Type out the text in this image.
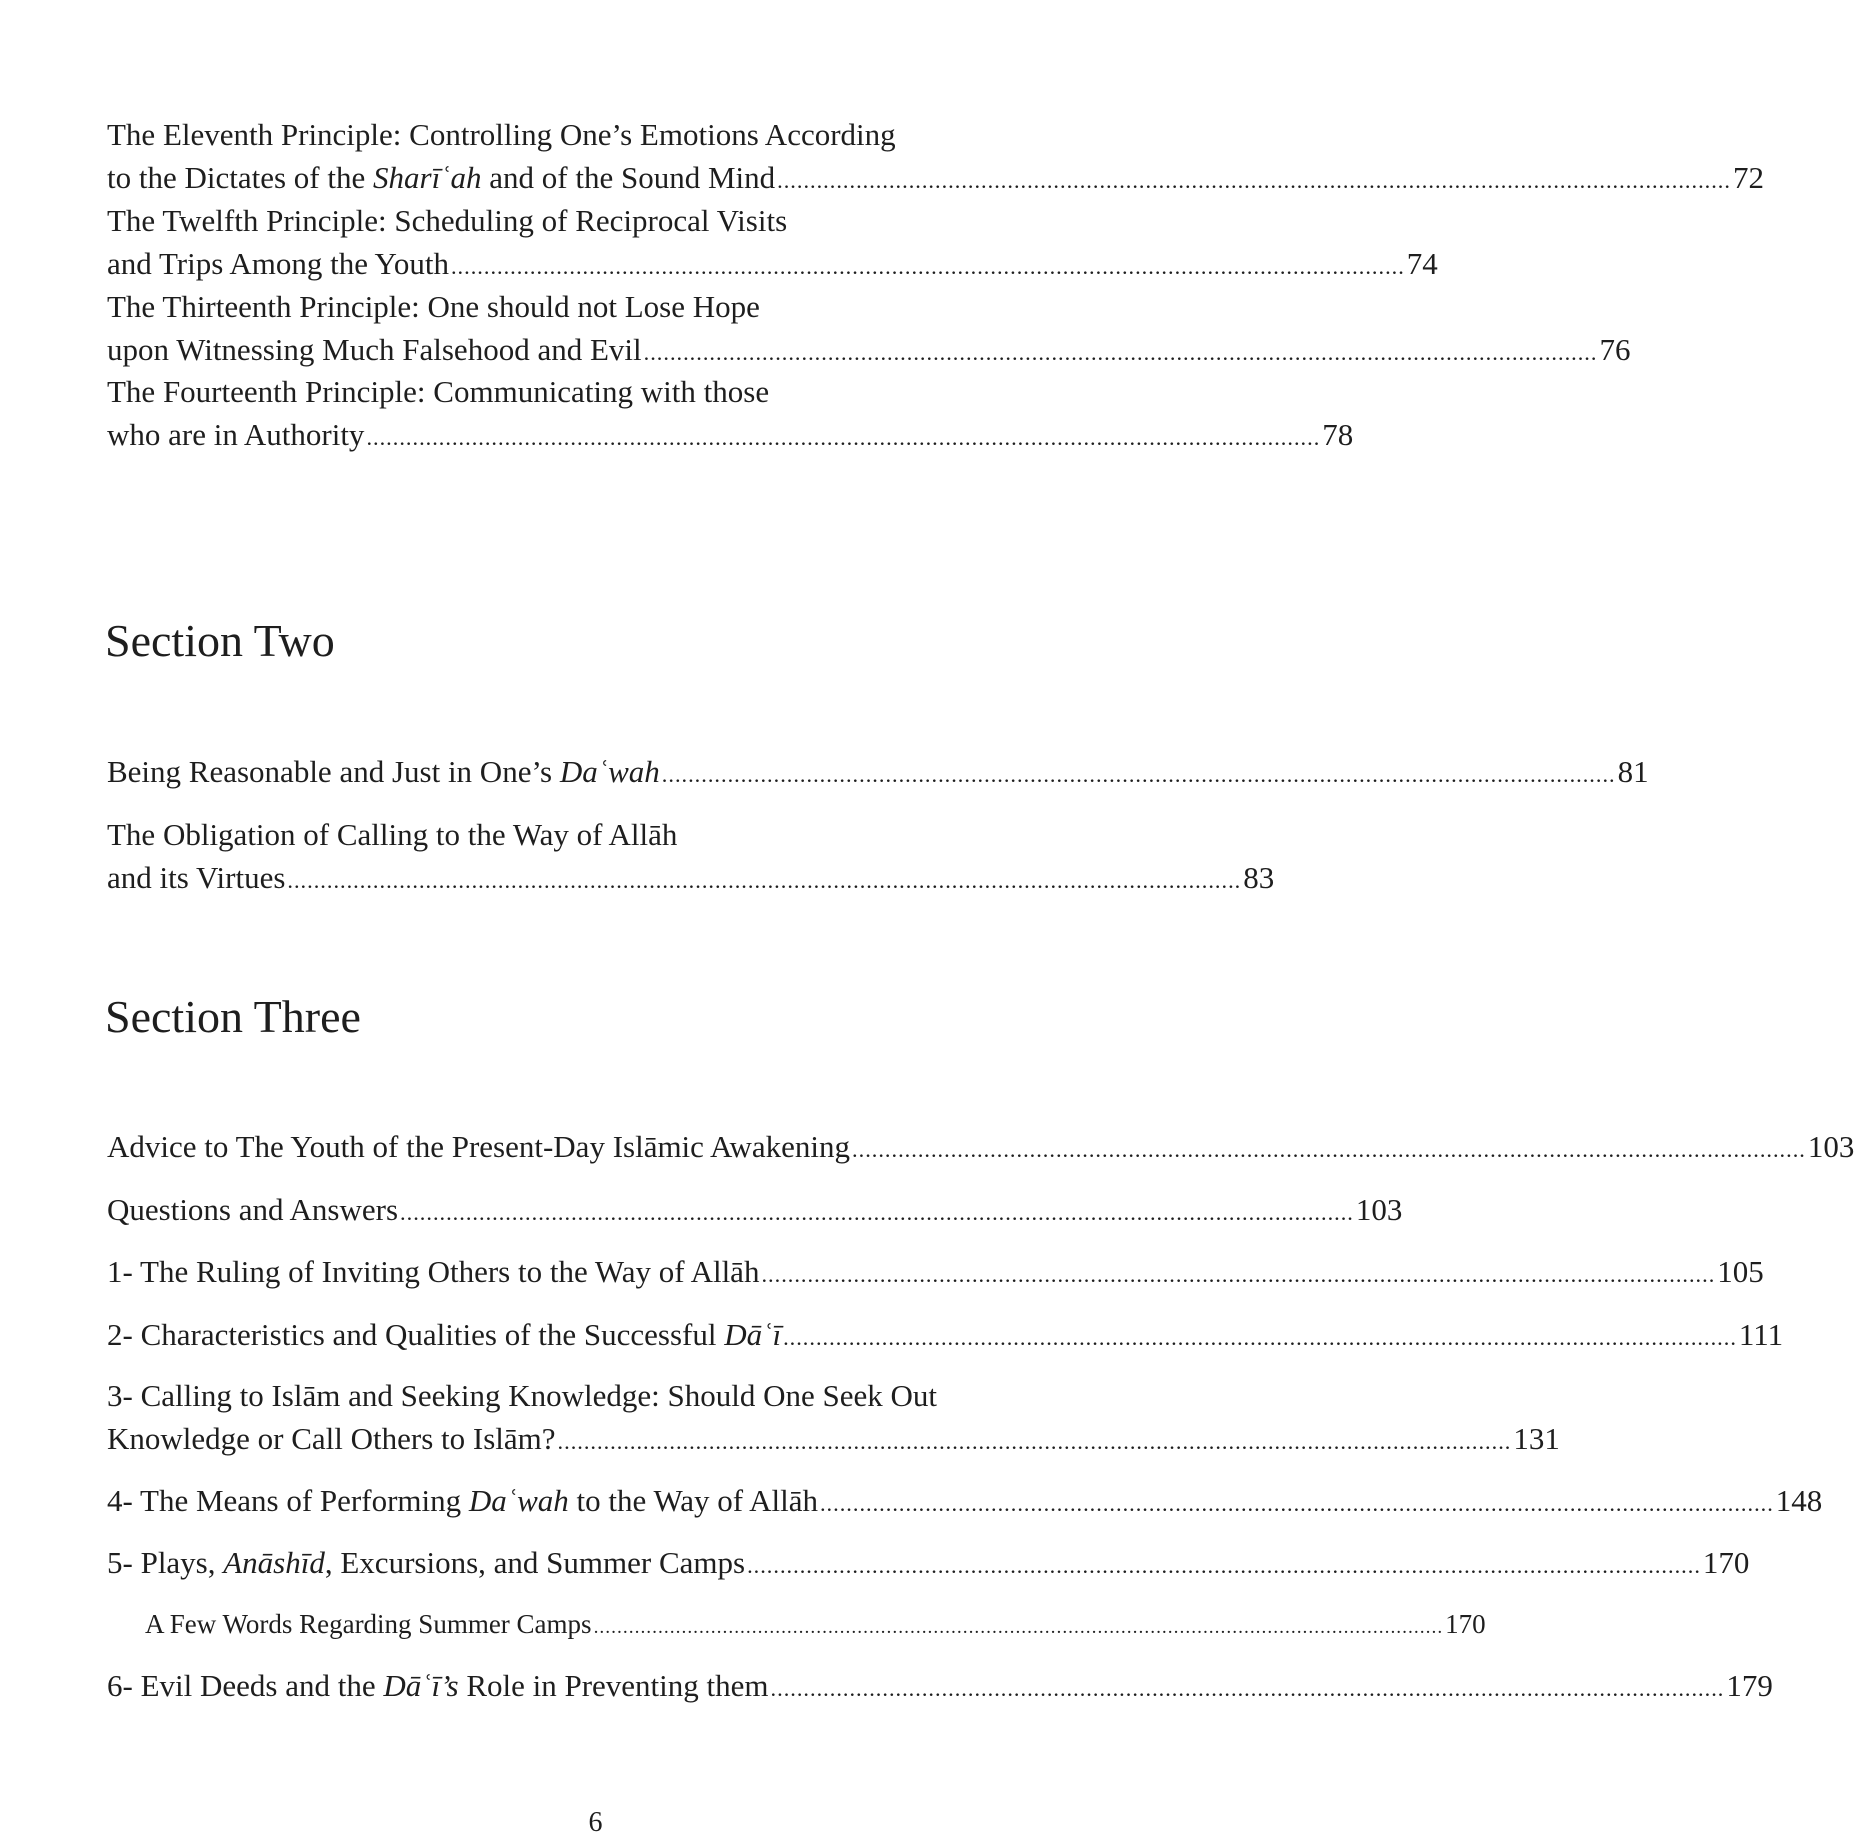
The Eleventh Principle: Controlling One’s Emotions According
to the Dictates of the Sharīʿah and of the Sound Mind ................................................................................................................................................. 72
The Twelfth Principle: Scheduling of Reciprocal Visits
and Trips Among the Youth ................................................................................................................................................. 74
The Thirteenth Principle: One should not Lose Hope
upon Witnessing Much Falsehood and Evil ................................................................................................................................................. 76
The Fourteenth Principle: Communicating with those
who are in Authority ................................................................................................................................................. 78
Section Two
Being Reasonable and Just in One’s Daʿwah ................................................................................................................................................. 81
The Obligation of Calling to the Way of Allāh
and its Virtues ................................................................................................................................................. 83
Section Three
Advice to The Youth of the Present-Day Islāmic Awakening ................................................................................................................................................. 103
Questions and Answers ................................................................................................................................................. 103
1- The Ruling of Inviting Others to the Way of Allāh ................................................................................................................................................. 105
2- Characteristics and Qualities of the Successful Dāʿī ................................................................................................................................................. 111
3- Calling to Islām and Seeking Knowledge: Should One Seek Out
Knowledge or Call Others to Islām? ................................................................................................................................................. 131
4- The Means of Performing Daʿwah to the Way of Allāh ................................................................................................................................................. 148
5- Plays, Anāshīd, Excursions, and Summer Camps ................................................................................................................................................. 170
A Few Words Regarding Summer Camps ................................................................................................................................................. 170
6- Evil Deeds and the Dāʿī’s Role in Preventing them ................................................................................................................................................. 179
6
